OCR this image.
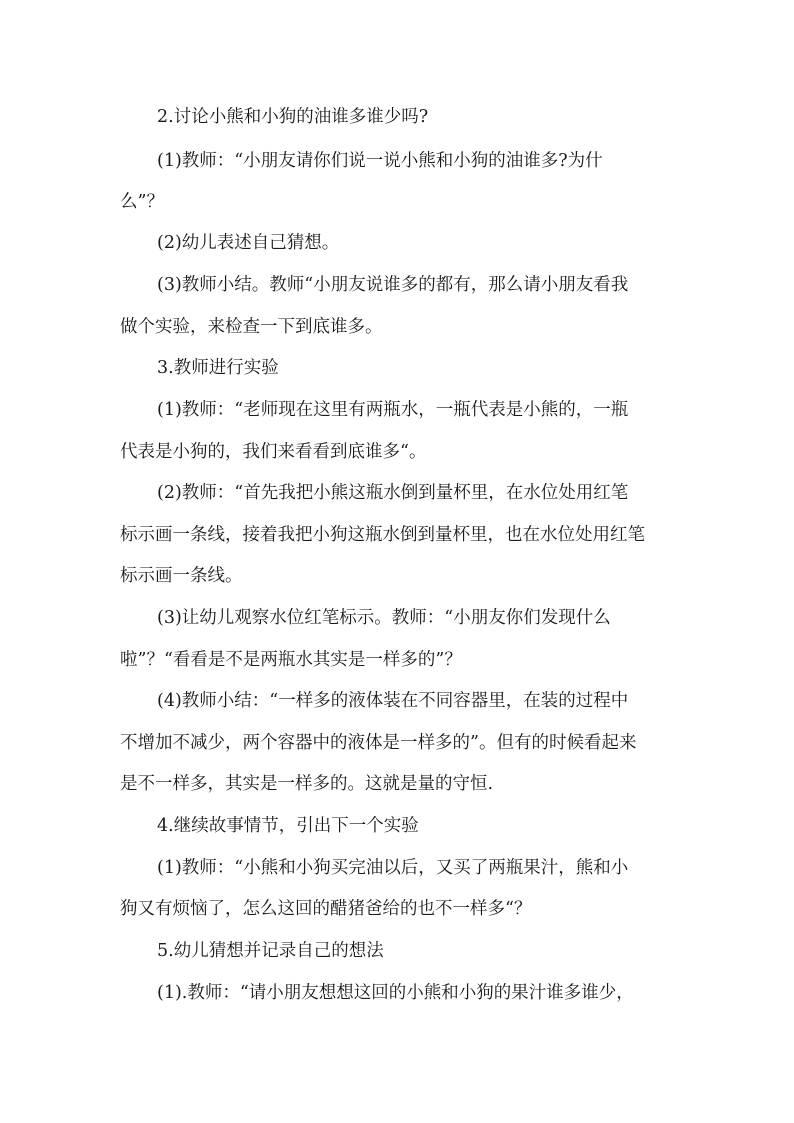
2.讨论小熊和小狗的油谁多谁少吗?
(1)教师：“小朋友请你们说一说小熊和小狗的油谁多?为什
么”？
(2)幼儿表述自己猜想。
(3)教师小结。教师“小朋友说谁多的都有，那么请小朋友看我
做个实验，来检查一下到底谁多。
3.教师进行实验
(1)教师：“老师现在这里有两瓶水，一瓶代表是小熊的，一瓶
代表是小狗的，我们来看看到底谁多“。
(2)教师：“首先我把小熊这瓶水倒到量杯里，在水位处用红笔
标示画一条线，接着我把小狗这瓶水倒到量杯里，也在水位处用红笔
标示画一条线。
(3)让幼儿观察水位红笔标示。教师：“小朋友你们发现什么
啦”？“看看是不是两瓶水其实是一样多的”？
(4)教师小结：“一样多的液体装在不同容器里，在装的过程中
不增加不减少，两个容器中的液体是一样多的”。但有的时候看起来
是不一样多，其实是一样多的。这就是量的守恒.
4.继续故事情节，引出下一个实验
(1)教师：“小熊和小狗买完油以后，又买了两瓶果汁，熊和小
狗又有烦恼了，怎么这回的醋猪爸给的也不一样多“？
5.幼儿猜想并记录自己的想法
(1).教师：“请小朋友想想这回的小熊和小狗的果汁谁多谁少，
